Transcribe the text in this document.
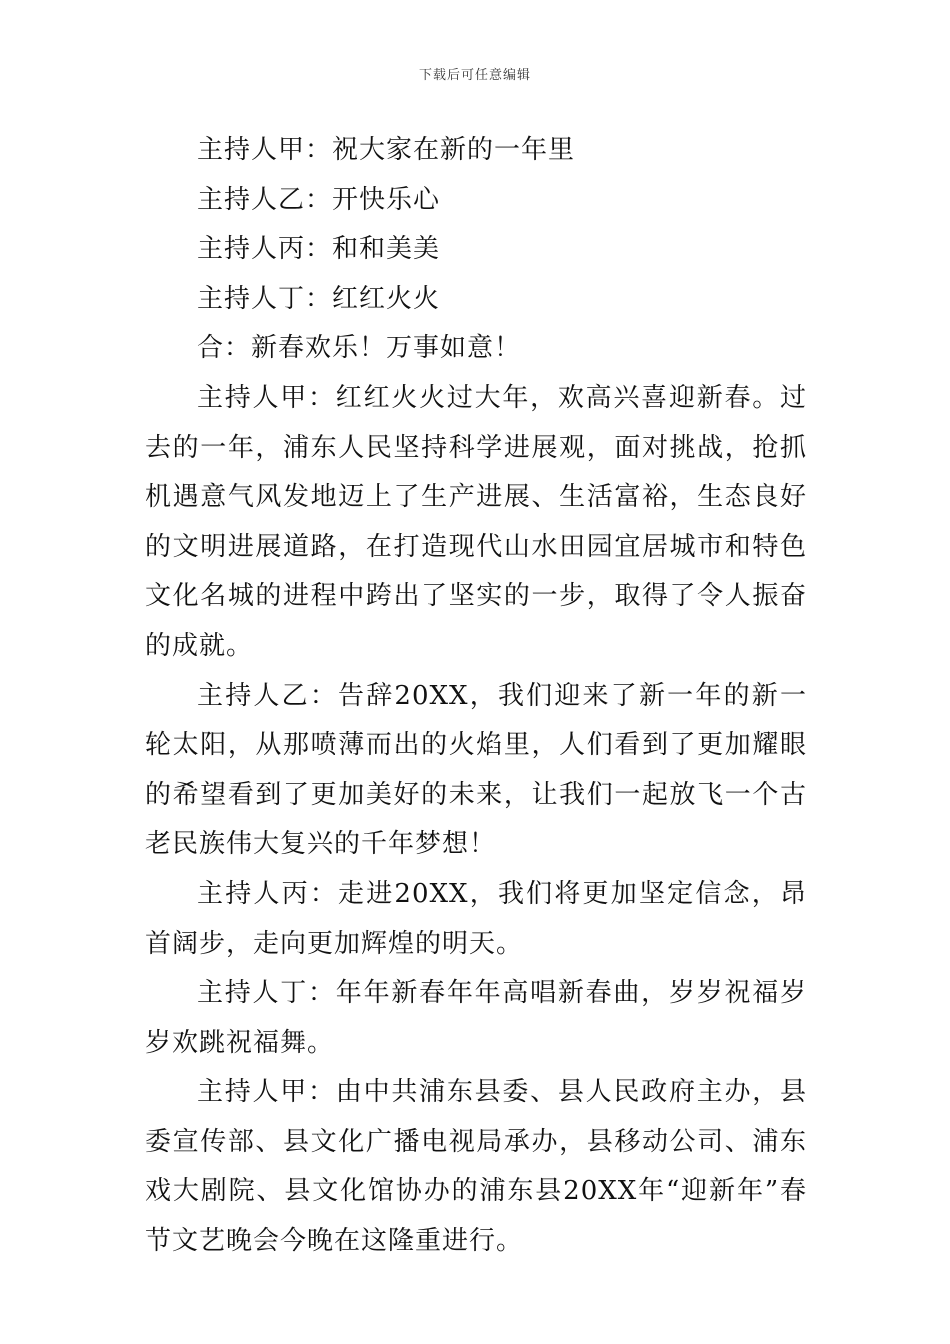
下载后可任意编辑

主持人甲：祝大家在新的一年里

主持人乙：开快乐心

主持人丙：和和美美

主持人丁：红红火火

合：新春欢乐！万事如意！

主持人甲：红红火火过大年，欢高兴喜迎新春。过去的一年，浦东人民坚持科学进展观，面对挑战，抢抓机遇意气风发地迈上了生产进展、生活富裕，生态良好的文明进展道路，在打造现代山水田园宜居城市和特色文化名城的进程中跨出了坚实的一步，取得了令人振奋的成就。

主持人乙：告辞20XX，我们迎来了新一年的新一轮太阳，从那喷薄而出的火焰里，人们看到了更加耀眼的希望看到了更加美好的未来，让我们一起放飞一个古老民族伟大复兴的千年梦想！

主持人丙：走进20XX，我们将更加坚定信念，昂首阔步，走向更加辉煌的明天。

主持人丁：年年新春年年高唱新春曲，岁岁祝福岁岁欢跳祝福舞。

主持人甲：由中共浦东县委、县人民政府主办，县委宣传部、县文化广播电视局承办，县移动公司、浦东戏大剧院、县文化馆协办的浦东县20XX年“迎新年”春节文艺晚会今晚在这隆重进行。
